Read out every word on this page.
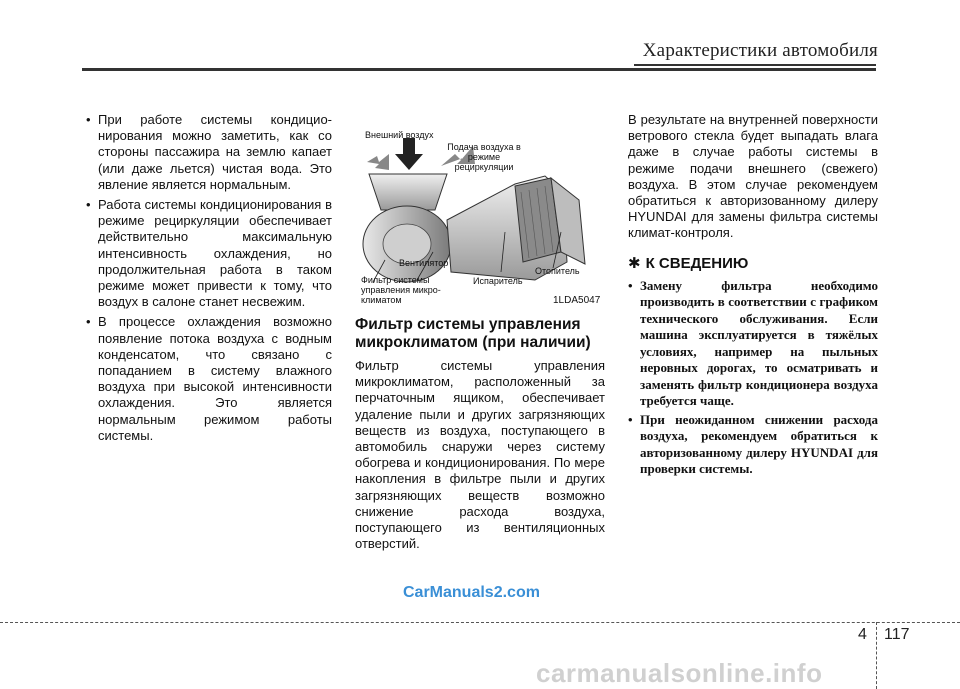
Характеристики автомобиля
• При работе системы кондицио-нирования можно заметить, как со стороны пассажира на землю капает (или даже льется) чистая вода. Это явление является нормальным.
• Работа системы кондиционирования в режиме рециркуляции обеспечивает действительно максимальную интенсивность охлаждения, но продолжительная работа в таком режиме может привести к тому, что воздух в салоне станет несвежим.
• В процессе охлаждения возможно появление потока воздуха с водным конденсатом, что связано с попаданием в систему влажного воздуха при высокой интенсивности охлаждения. Это является нормальным режимом работы системы.
Внешний воздух
Подача воздуха в режиме рециркуляции
Вентилятор
Фильтр системы управления микро-климатом
Испаритель
Отопитель
1LDA5047
Фильтр системы управления микроклиматом (при наличии)

Фильтр системы управления микроклиматом, расположенный за перчаточным ящиком, обеспечивает удаление пыли и других загрязняющих веществ из воздуха, поступающего в автомобиль снаружи через систему обогрева и кондиционирования. По мере накопления в фильтре пыли и других загрязняющих веществ возможно снижение расхода воздуха, поступающего из вентиляционных отверстий.

В результате на внутренней поверхности ветрового стекла будет выпадать влага даже в случае работы системы в режиме подачи внешнего (свежего) воздуха. В этом случае рекомендуем обратиться к авторизованному дилеру HYUNDAI для замены фильтра системы климат-контроля.

✱ К СВЕДЕНИЮ
• Замену фильтра необходимо производить в соответствии с графиком технического обслуживания. Если машина эксплуатируется в тяжёлых условиях, например на пыльных неровных дорогах, то осматривать и заменять фильтр кондиционера воздуха требуется чаще.
• При неожиданном снижении расхода воздуха, рекомендуем обратиться к авторизованному дилеру HYUNDAI для проверки системы.
CarManuals2.com
4 117
carmanualsonline.info
